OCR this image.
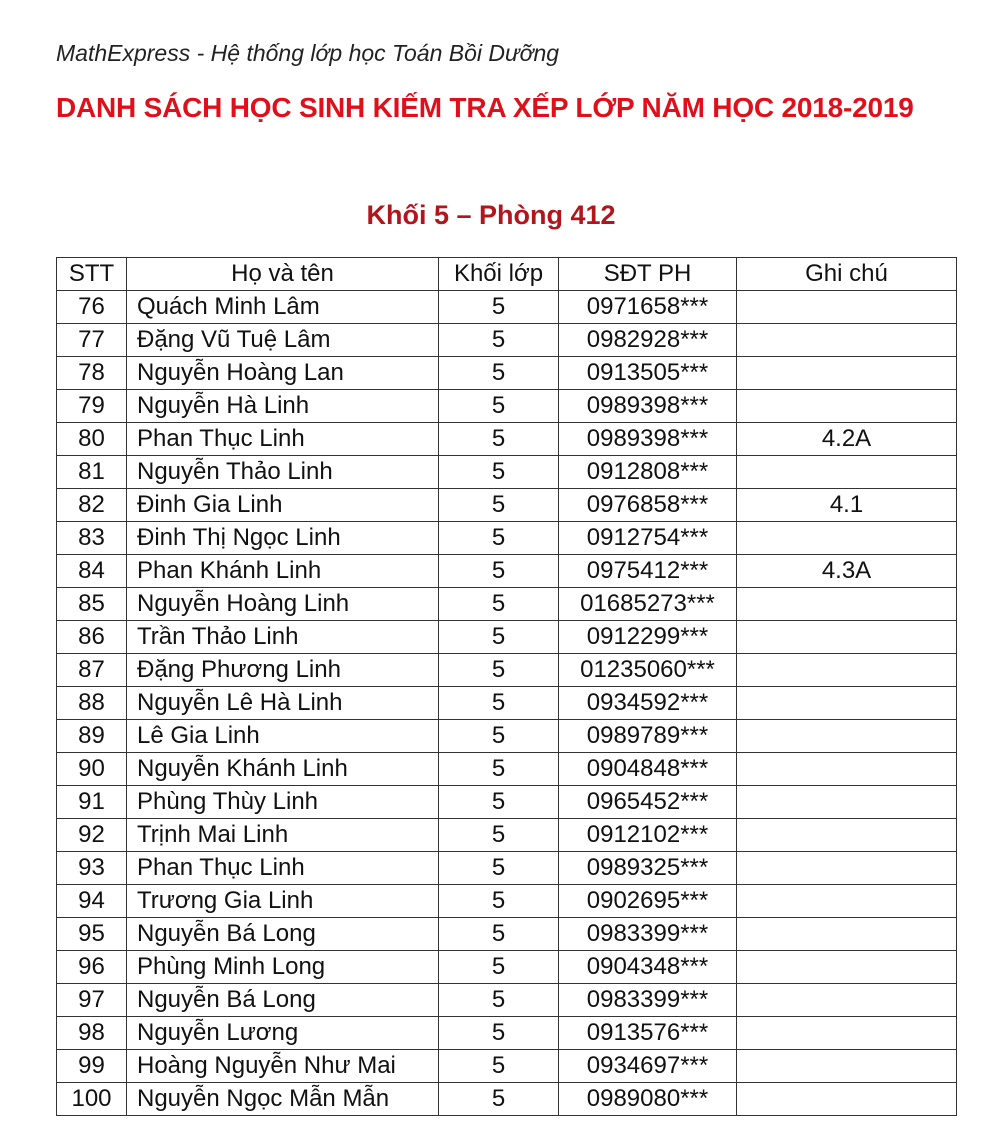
MathExpress - Hệ thống lớp học Toán Bồi Dưỡng
DANH SÁCH HỌC SINH KIẾM TRA XẾP LỚP NĂM HỌC 2018-2019
Khối 5 – Phòng 412
STT	Họ và tên	Khối lớp	SĐT PH	Ghi chú
76	Quách Minh Lâm	5	0971658***	
77	Đặng Vũ Tuệ Lâm	5	0982928***	
78	Nguyễn Hoàng Lan	5	0913505***	
79	Nguyễn Hà Linh	5	0989398***	
80	Phan Thục Linh	5	0989398***	4.2A
81	Nguyễn Thảo Linh	5	0912808***	
82	Đinh Gia Linh	5	0976858***	4.1
83	Đinh Thị Ngọc Linh	5	0912754***	
84	Phan Khánh Linh	5	0975412***	4.3A
85	Nguyễn Hoàng Linh	5	01685273***	
86	Trần Thảo Linh	5	0912299***	
87	Đặng Phương Linh	5	01235060***	
88	Nguyễn Lê Hà Linh	5	0934592***	
89	Lê Gia Linh	5	0989789***	
90	Nguyễn Khánh Linh	5	0904848***	
91	Phùng Thùy Linh	5	0965452***	
92	Trịnh Mai Linh	5	0912102***	
93	Phan Thục Linh	5	0989325***	
94	Trương Gia Linh	5	0902695***	
95	Nguyễn Bá Long	5	0983399***	
96	Phùng Minh Long	5	0904348***	
97	Nguyễn Bá Long	5	0983399***	
98	Nguyễn Lương	5	0913576***	
99	Hoàng Nguyễn Như Mai	5	0934697***	
100	Nguyễn Ngọc Mẫn Mẫn	5	0989080***	
